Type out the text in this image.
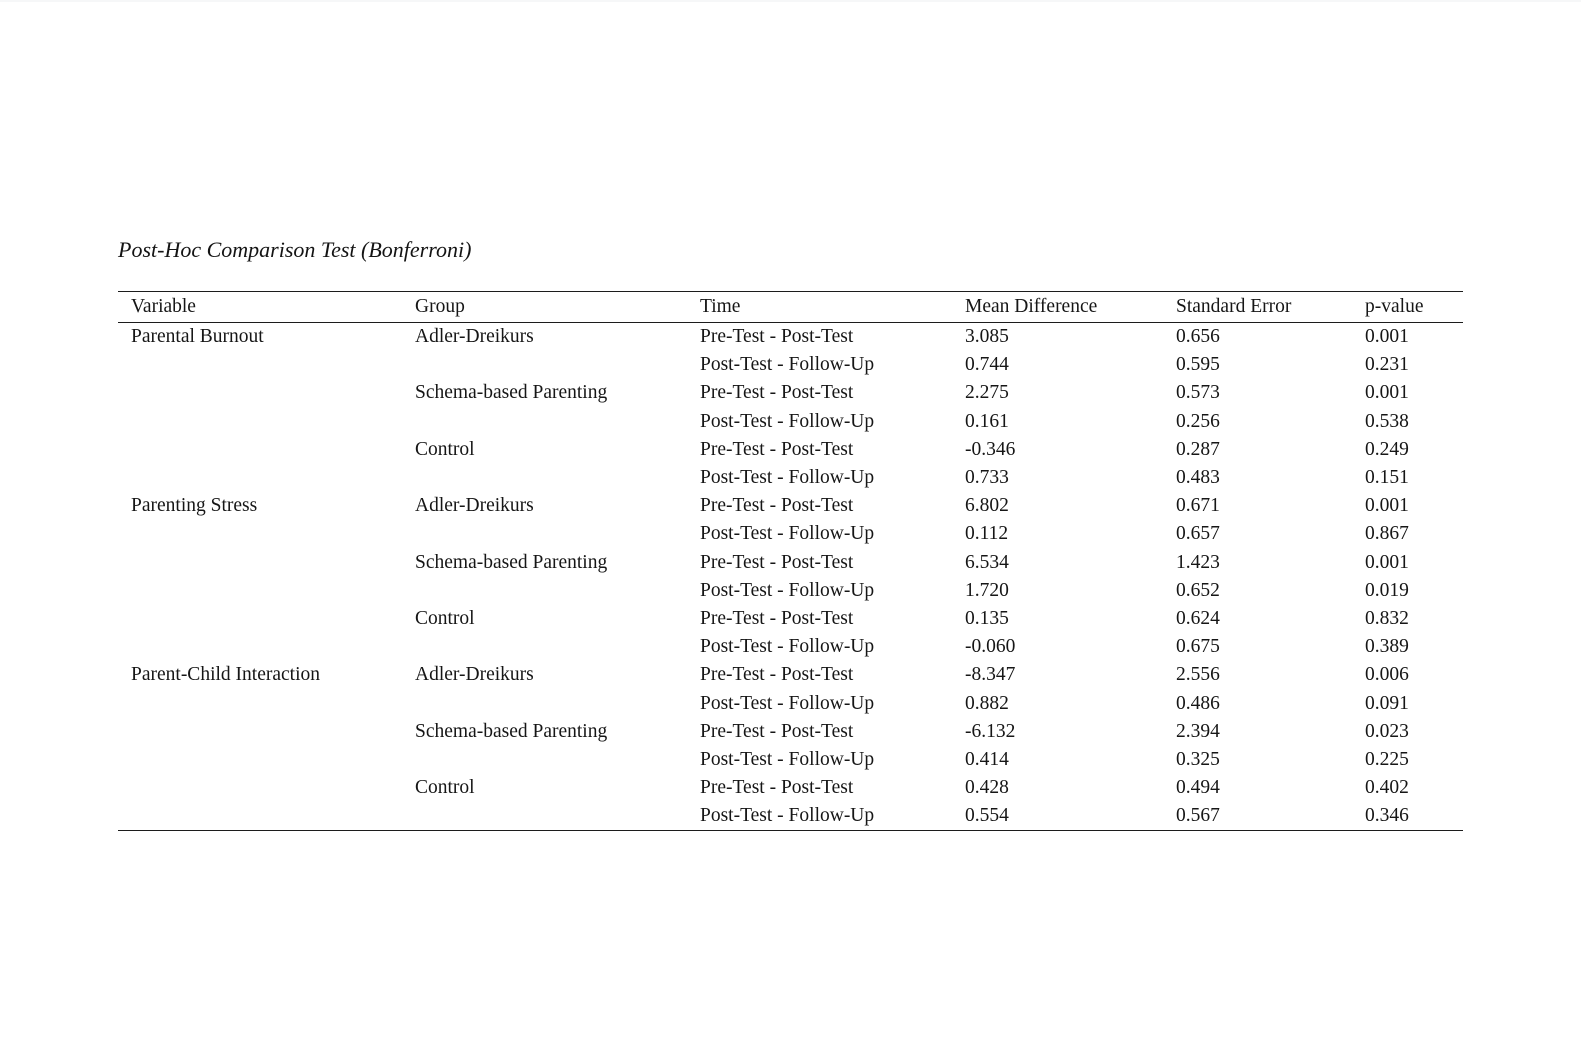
Post-Hoc Comparison Test (Bonferroni)
Variable	Group	Time	Mean Difference	Standard Error	p-value
Parental Burnout	Adler-Dreikurs	Pre-Test - Post-Test	3.085	0.656	0.001
		Post-Test - Follow-Up	0.744	0.595	0.231
	Schema-based Parenting	Pre-Test - Post-Test	2.275	0.573	0.001
		Post-Test - Follow-Up	0.161	0.256	0.538
	Control	Pre-Test - Post-Test	-0.346	0.287	0.249
		Post-Test - Follow-Up	0.733	0.483	0.151
Parenting Stress	Adler-Dreikurs	Pre-Test - Post-Test	6.802	0.671	0.001
		Post-Test - Follow-Up	0.112	0.657	0.867
	Schema-based Parenting	Pre-Test - Post-Test	6.534	1.423	0.001
		Post-Test - Follow-Up	1.720	0.652	0.019
	Control	Pre-Test - Post-Test	0.135	0.624	0.832
		Post-Test - Follow-Up	-0.060	0.675	0.389
Parent-Child Interaction	Adler-Dreikurs	Pre-Test - Post-Test	-8.347	2.556	0.006
		Post-Test - Follow-Up	0.882	0.486	0.091
	Schema-based Parenting	Pre-Test - Post-Test	-6.132	2.394	0.023
		Post-Test - Follow-Up	0.414	0.325	0.225
	Control	Pre-Test - Post-Test	0.428	0.494	0.402
		Post-Test - Follow-Up	0.554	0.567	0.346
